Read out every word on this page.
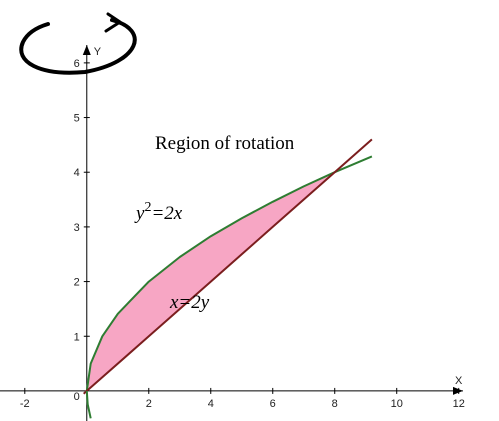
X
Y
-2	2	4	6	8	10	12
1
2
3
4
5
6
0
Region of rotation
y2=2x
x=2y
